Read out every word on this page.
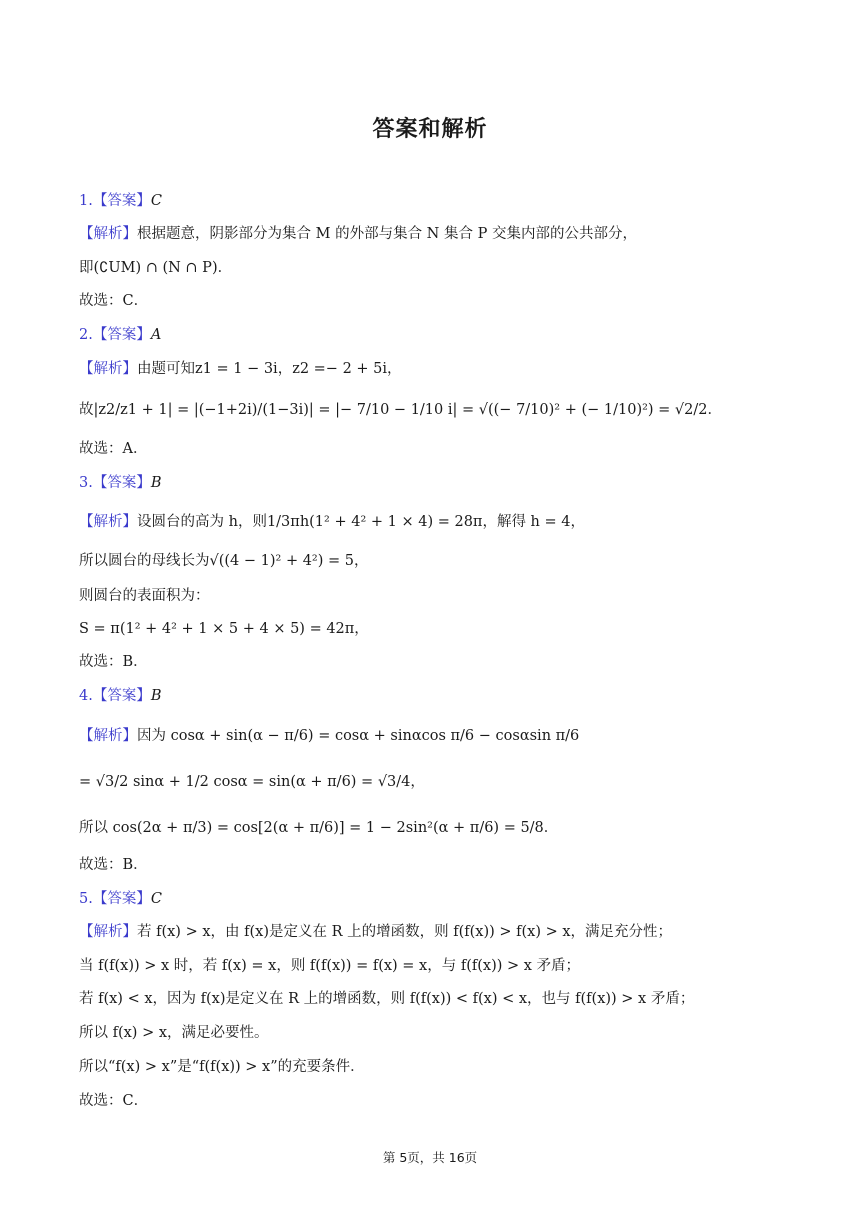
答案和解析
1.【答案】C
【解析】根据题意，阴影部分为集合 M 的外部与集合 N 集合 P 交集内部的公共部分，
即(∁UM) ∩ (N ∩ P)．
故选：C．
2.【答案】A
【解析】由题可知z1 = 1 − 3i，z2 =− 2 + 5i，
故|z2/z1 + 1| = |(−1+2i)/(1−3i)| = |− 7/10 − 1/10 i| = √((− 7/10)² + (− 1/10)²) = √2/2．
故选：A．
3.【答案】B
【解析】设圆台的高为 h，则1/3πh(1² + 4² + 1 × 4) = 28π，解得 h = 4，
所以圆台的母线长为√((4 − 1)² + 4²) = 5，
则圆台的表面积为：
S = π(1² + 4² + 1 × 5 + 4 × 5) = 42π，
故选：B．
4.【答案】B
【解析】因为 cosα + sin(α − π/6) = cosα + sinαcos π/6 − cosαsin π/6
= √3/2 sinα + 1/2 cosα = sin(α + π/6) = √3/4，
所以 cos(2α + π/3) = cos[2(α + π/6)] = 1 − 2sin²(α + π/6) = 5/8．
故选：B．
5.【答案】C
【解析】若 f(x) > x，由 f(x)是定义在 R 上的增函数，则 f(f(x)) > f(x) > x，满足充分性；
当 f(f(x)) > x 时，若 f(x) = x，则 f(f(x)) = f(x) = x，与 f(f(x)) > x 矛盾；
若 f(x) < x，因为 f(x)是定义在 R 上的增函数，则 f(f(x)) < f(x) < x，也与 f(f(x)) > x 矛盾；
所以 f(x) > x，满足必要性。
所以“f(x) > x”是“f(f(x)) > x”的充要条件．
故选：C．
第 5页，共 16页
